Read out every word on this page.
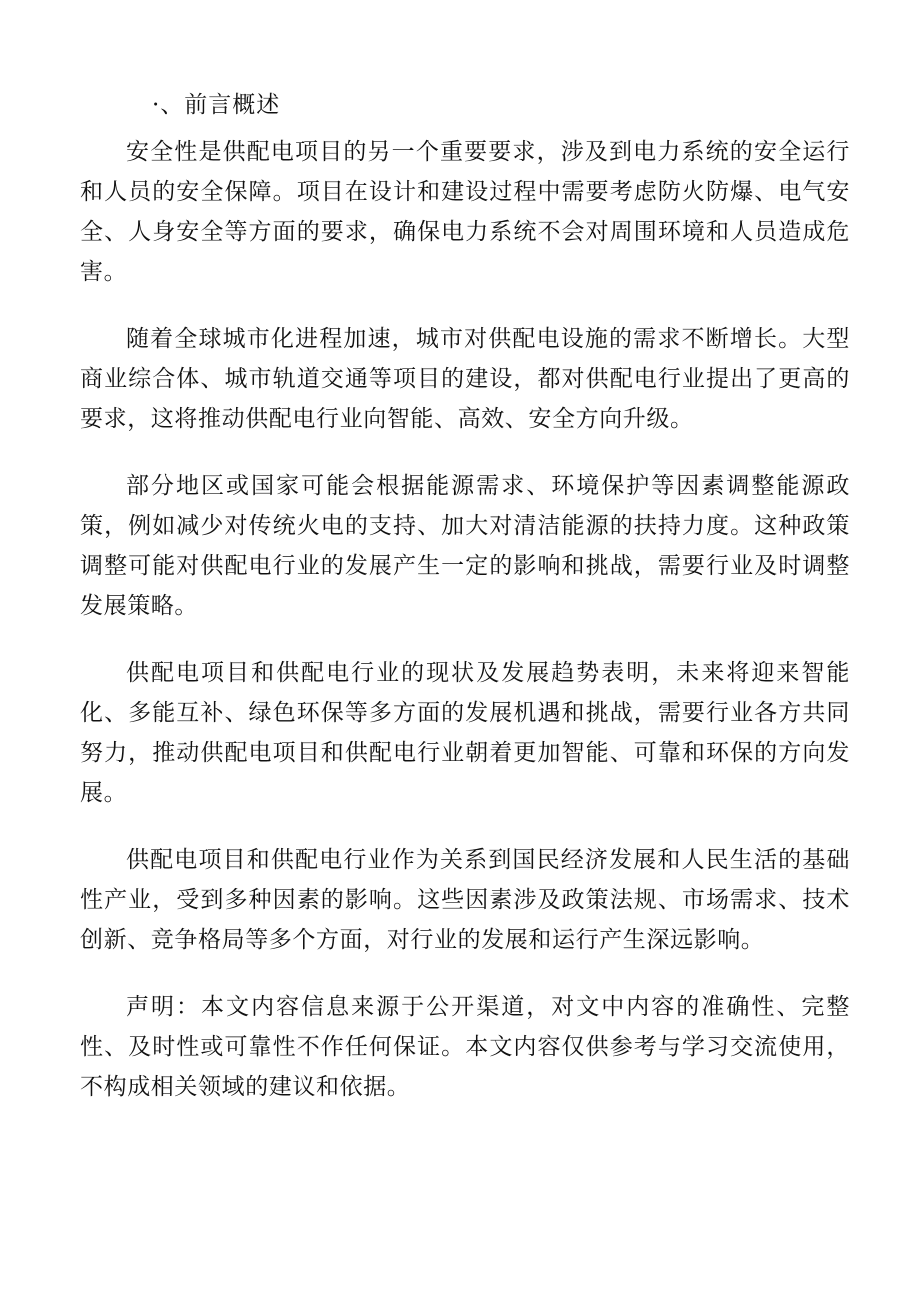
·、前言概述

安全性是供配电项目的另一个重要要求，涉及到电力系统的安全运行和人员的安全保障。项目在设计和建设过程中需要考虑防火防爆、电气安全、人身安全等方面的要求，确保电力系统不会对周围环境和人员造成危害。

随着全球城市化进程加速，城市对供配电设施的需求不断增长。大型商业综合体、城市轨道交通等项目的建设，都对供配电行业提出了更高的要求，这将推动供配电行业向智能、高效、安全方向升级。

部分地区或国家可能会根据能源需求、环境保护等因素调整能源政策，例如减少对传统火电的支持、加大对清洁能源的扶持力度。这种政策调整可能对供配电行业的发展产生一定的影响和挑战，需要行业及时调整发展策略。

供配电项目和供配电行业的现状及发展趋势表明，未来将迎来智能化、多能互补、绿色环保等多方面的发展机遇和挑战，需要行业各方共同努力，推动供配电项目和供配电行业朝着更加智能、可靠和环保的方向发展。

供配电项目和供配电行业作为关系到国民经济发展和人民生活的基础性产业，受到多种因素的影响。这些因素涉及政策法规、市场需求、技术创新、竞争格局等多个方面，对行业的发展和运行产生深远影响。

声明：本文内容信息来源于公开渠道，对文中内容的准确性、完整性、及时性或可靠性不作任何保证。本文内容仅供参考与学习交流使用，不构成相关领域的建议和依据。
